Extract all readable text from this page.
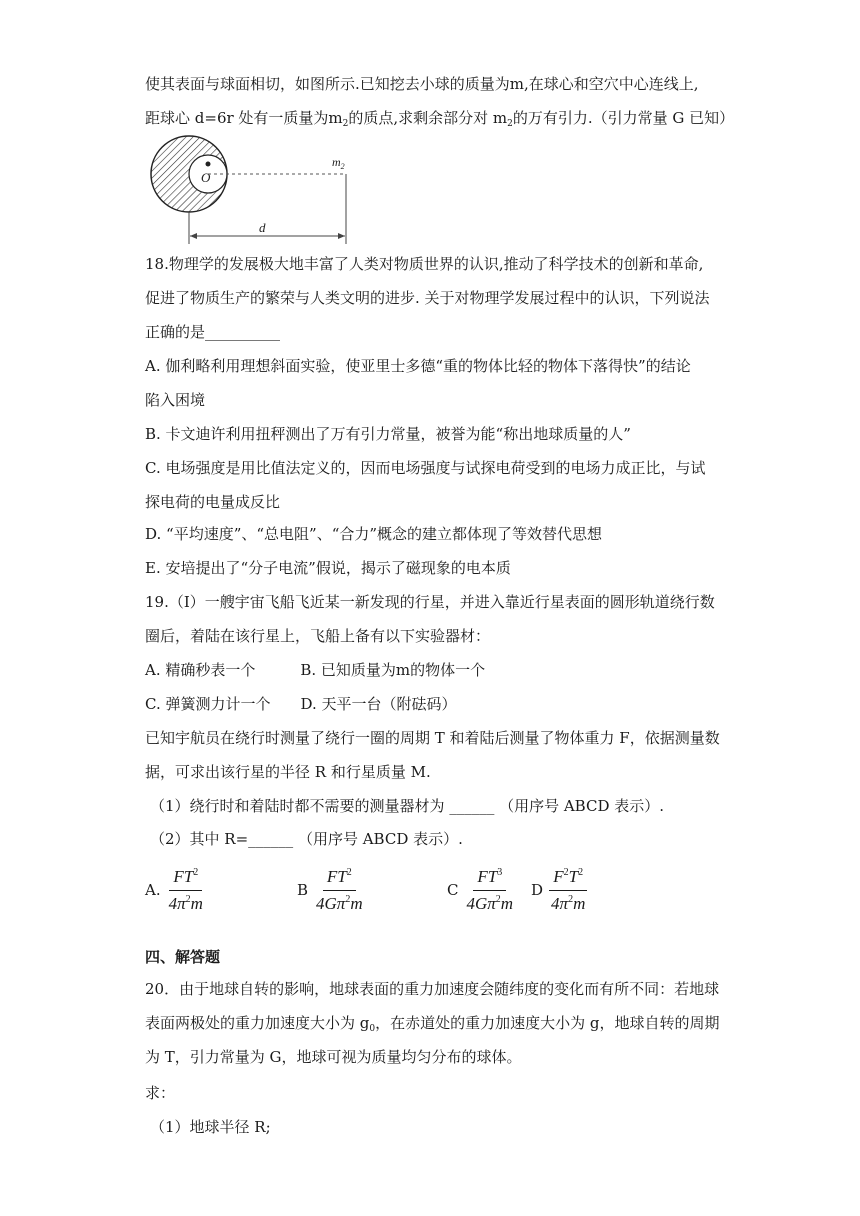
使其表面与球面相切，如图所示.已知挖去小球的质量为m,在球心和空穴中心连线上,
距球心 d=6r 处有一质量为$m_2$的质点,求剩余部分对 $m_2$的万有引力.（引力常量 G 已知）
O
$m_2$
d
18.物理学的发展极大地丰富了人类对物质世界的认识,推动了科学技术的创新和革命,
促进了物质生产的繁荣与人类文明的进步. 关于对物理学发展过程中的认识，下列说法
正确的是__________
A. 伽利略利用理想斜面实验，使亚里士多德“重的物体比轻的物体下落得快”的结论
陷入困境
B. 卡文迪许利用扭秤测出了万有引力常量，被誉为能“称出地球质量的人”
C. 电场强度是用比值法定义的，因而电场强度与试探电荷受到的电场力成正比，与试
探电荷的电量成反比
D. “平均速度”、“总电阻”、“合力”概念的建立都体现了等效替代思想
E. 安培提出了“分子电流”假说，揭示了磁现象的电本质
19.（Ⅰ）一艘宇宙飞船飞近某一新发现的行星，并进入靠近行星表面的圆形轨道绕行数
圈后，着陆在该行星上，飞船上备有以下实验器材：
A. 精确秒表一个　　　B. 已知质量为m的物体一个
C. 弹簧测力计一个　　D. 天平一台（附砝码）
已知宇航员在绕行时测量了绕行一圈的周期 T 和着陆后测量了物体重力 F，依据测量数
据，可求出该行星的半径 R 和行星质量 M.
（1）绕行时和着陆时都不需要的测量器材为 ______ （用序号 ABCD 表示）.
（2）其中 R=______ （用序号 ABCD 表示）.
A. $\frac{FT^2}{4\pi^2m}$	B $\frac{FT^2}{4G\pi^2m}$	C $\frac{FT^3}{4G\pi^2m}$ D $\frac{F^2T^2}{4\pi^2m}$
四、解答题
20．由于地球自转的影响，地球表面的重力加速度会随纬度的变化而有所不同：若地球
表面两极处的重力加速度大小为 $g_0$，在赤道处的重力加速度大小为 g，地球自转的周期
为 T，引力常量为 G，地球可视为质量均匀分布的球体。
求：
（1）地球半径 R;
